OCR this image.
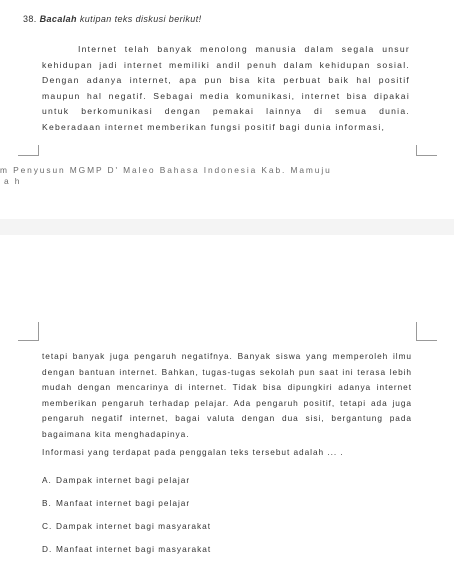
38. Bacalah kutipan teks diskusi berikut!
Internet telah banyak menolong manusia dalam segala unsur kehidupan jadi internet memiliki andil penuh dalam kehidupan sosial. Dengan adanya internet, apa pun bisa kita perbuat baik hal positif maupun hal negatif. Sebagai media komunikasi, internet bisa dipakai untuk berkomunikasi dengan pemakai lainnya di semua dunia. Keberadaan internet memberikan fungsi positif bagi dunia informasi,
m Penyusun MGMP D' Maleo Bahasa Indonesia Kab. Mamuju
a h
tetapi banyak juga pengaruh negatifnya. Banyak siswa yang memperoleh ilmu dengan bantuan internet. Bahkan, tugas-tugas sekolah pun saat ini terasa lebih mudah dengan mencarinya di internet. Tidak bisa dipungkiri adanya internet memberikan pengaruh terhadap pelajar. Ada pengaruh positif, tetapi ada juga pengaruh negatif internet, bagai valuta dengan dua sisi, bergantung pada bagaimana kita menghadapinya.
Informasi yang terdapat pada penggalan teks tersebut adalah ... .
A. Dampak internet bagi pelajar
B. Manfaat internet bagi pelajar
C. Dampak internet bagi masyarakat
D. Manfaat internet bagi masyarakat
